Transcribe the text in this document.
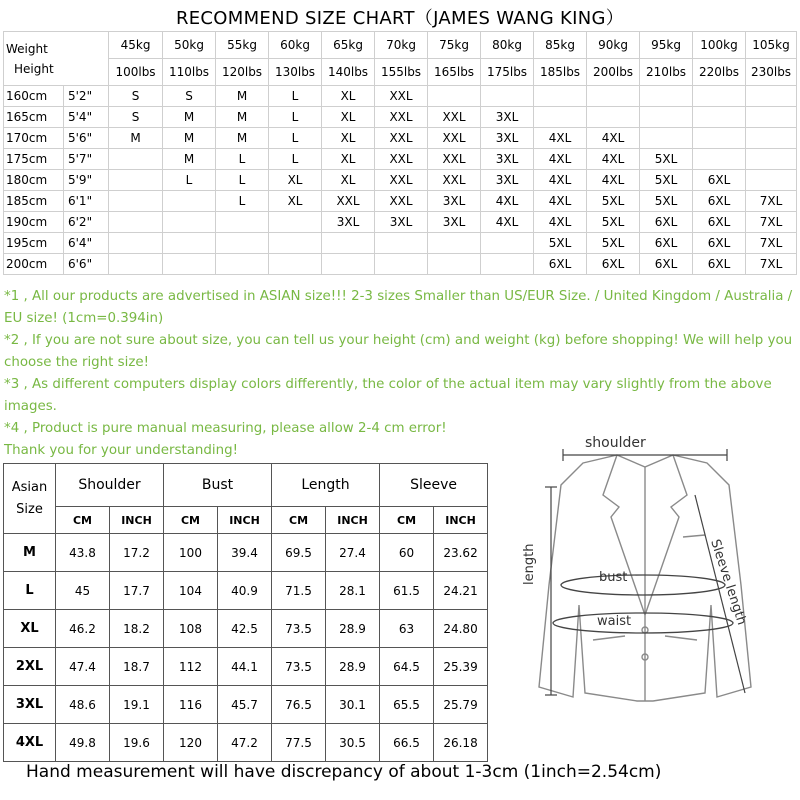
RECOMMEND SIZE CHART（JAMES WANG KING）
Weight
Height		45kg	50kg	55kg	60kg	65kg	70kg	75kg	80kg	85kg	90kg	95kg	100kg	105kg
		100lbs	110lbs	120lbs	130lbs	140lbs	155lbs	165lbs	175lbs	185lbs	200lbs	210lbs	220lbs	230lbs
160cm	5'2"	S	S	M	L	XL	XXL							
165cm	5'4"	S	M	M	L	XL	XXL	XXL	3XL					
170cm	5'6"	M	M	M	L	XL	XXL	XXL	3XL	4XL	4XL			
175cm	5'7"		M	L	L	XL	XXL	XXL	3XL	4XL	4XL	5XL		
180cm	5'9"		L	L	XL	XL	XXL	XXL	3XL	4XL	4XL	5XL	6XL	
185cm	6'1"			L	XL	XXL	XXL	3XL	4XL	4XL	5XL	5XL	6XL	7XL
190cm	6'2"					3XL	3XL	3XL	4XL	4XL	5XL	6XL	6XL	7XL
195cm	6'4"									5XL	5XL	6XL	6XL	7XL
200cm	6'6"									6XL	6XL	6XL	6XL	7XL

*1 , All our products are advertised in ASIAN size!!! 2-3 sizes Smaller than US/EUR Size. / United Kingdom / Australia / EU size! (1cm=0.394in)

*2 , If you are not sure about size, you can tell us your height (cm) and weight (kg) before shopping! We will help you choose the right size!

*3 , As different computers display colors differently, the color of the actual item may vary slightly from the above images.

*4 , Product is pure manual measuring, please allow 2-4 cm error!

Thank you for your understanding!

Asian Size	Shoulder		Bust		Length		Sleeve	
	CM	INCH	CM	INCH	CM	INCH	CM	INCH
M	43.8	17.2	100	39.4	69.5	27.4	60	23.62
L	45	17.7	104	40.9	71.5	28.1	61.5	24.21
XL	46.2	18.2	108	42.5	73.5	28.9	63	24.80
2XL	47.4	18.7	112	44.1	73.5	28.9	64.5	25.39
3XL	48.6	19.1	116	45.7	76.5	30.1	65.5	25.79
4XL	49.8	19.6	120	47.2	77.5	30.5	66.5	26.18
shoulder
length	bust
waist	Sleeve length
Hand measurement will have discrepancy of about 1-3cm (1inch=2.54cm)
